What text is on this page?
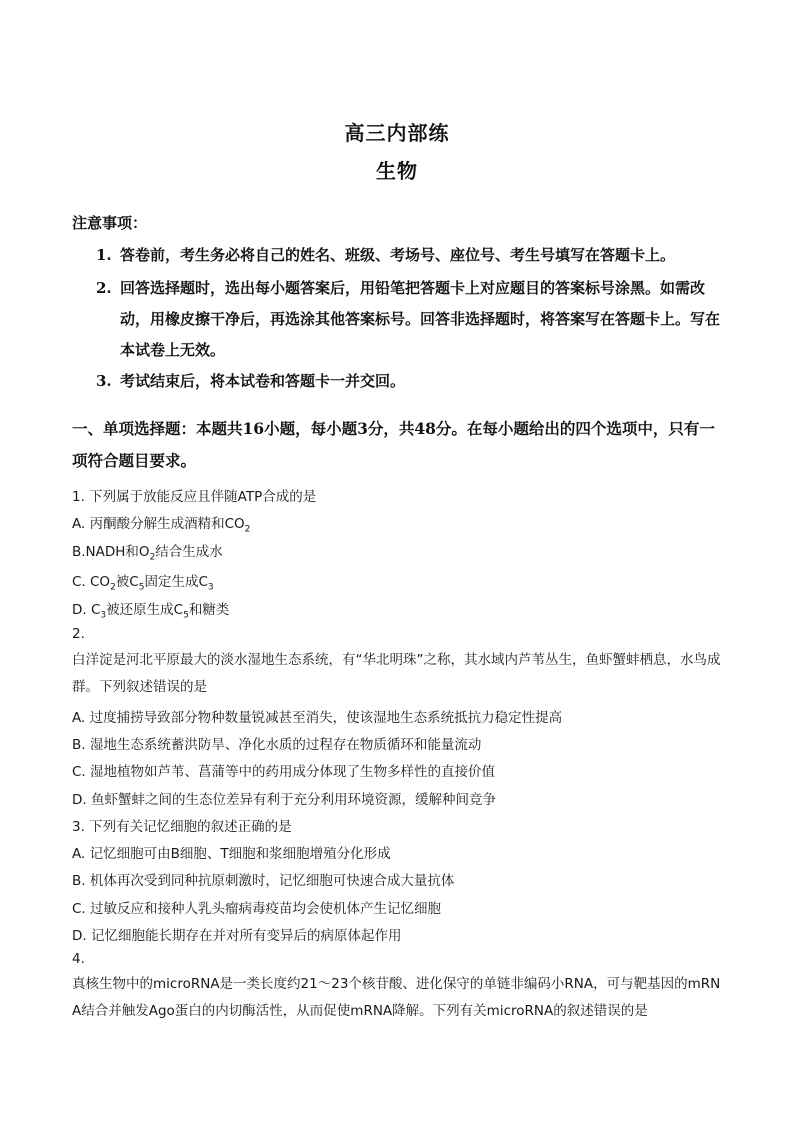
高三内部练
生物
注意事项：
1. 答卷前，考生务必将自己的姓名、班级、考场号、座位号、考生号填写在答题卡上。
2. 回答选择题时，选出每小题答案后，用铅笔把答题卡上对应题目的答案标号涂黑。如需改动，用橡皮擦干净后，再选涂其他答案标号。回答非选择题时，将答案写在答题卡上。写在本试卷上无效。
3. 考试结束后，将本试卷和答题卡一并交回。
一、单项选择题：本题共16小题，每小题3分，共48分。在每小题给出的四个选项中，只有一项符合题目要求。
1. 下列属于放能反应且伴随ATP合成的是
A. 丙酮酸分解生成酒精和$CO_2$
B.NADH和$O_2$结合生成水
C. $CO_2$被$C_5$固定生成$C_3$
D. $C_3$被还原生成$C_5$和糖类
2.
白洋淀是河北平原最大的淡水湿地生态系统，有“华北明珠”之称，其水域内芦苇丛生，鱼虾蟹蚌栖息，水鸟成群。下列叙述错误的是
A. 过度捕捞导致部分物种数量锐减甚至消失，使该湿地生态系统抵抗力稳定性提高
B. 湿地生态系统蓄洪防旱、净化水质的过程存在物质循环和能量流动
C. 湿地植物如芦苇、菖蒲等中的药用成分体现了生物多样性的直接价值
D. 鱼虾蟹蚌之间的生态位差异有利于充分利用环境资源，缓解种间竞争
3. 下列有关记忆细胞的叙述正确的是
A. 记忆细胞可由B细胞、T细胞和浆细胞增殖分化形成
B. 机体再次受到同种抗原刺激时，记忆细胞可快速合成大量抗体
C. 过敏反应和接种人乳头瘤病毒疫苗均会使机体产生记忆细胞
D. 记忆细胞能长期存在并对所有变异后的病原体起作用
4.
真核生物中的microRNA是一类长度约21～23个核苷酸、进化保守的单链非编码小RNA，可与靶基因的mRNA结合并触发Ago蛋白的内切酶活性，从而促使mRNA降解。下列有关microRNA的叙述错误的是
